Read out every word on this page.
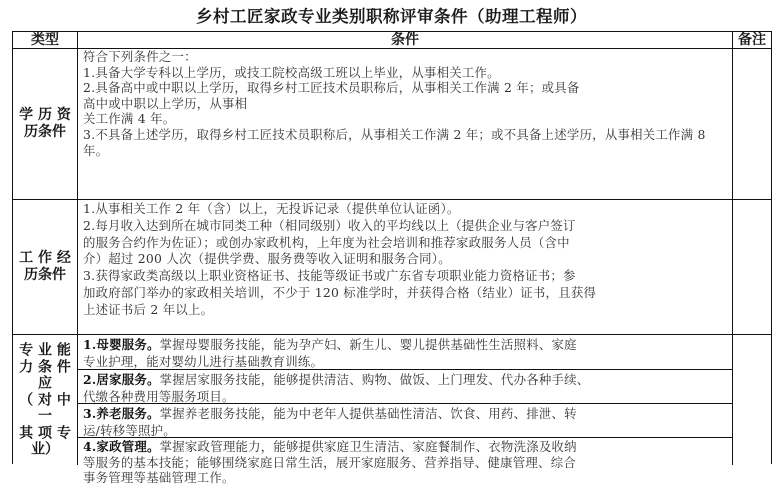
乡村工匠家政专业类别职称评审条件（助理工程师）
类型	条件	备注
学 历 资
历条件
符合下列条件之一：
1.具备大学专科以上学历，或技工院校高级工班以上毕业，从事相关工作。
2.具备高中或中职以上学历，取得乡村工匠技术员职称后，从事相关工作满 2 年；或具备
高中或中职以上学历，从事相
关工作满 4 年。
3.不具备上述学历，取得乡村工匠技术员职称后，从事相关工作满 2 年；或不具备上述学历，从事相关工作满 8 年。
工 作 经
历条件
1.从事相关工作 2 年（含）以上，无投诉记录（提供单位认证函）。
2.每月收入达到所在城市同类工种（相同级别）收入的平均线以上（提供企业与客户签订
的服务合约作为佐证）；或创办家政机构，上年度为社会培训和推荐家政服务人员（含中
介）超过 200 人次（提供学费、服务费等收入证明和服务合同）。
3.获得家政类高级以上职业资格证书、技能等级证书或广东省专项职业能力资格证书；参
加政府部门举办的家政相关培训，不少于 120 标准学时，并获得合格（结业）证书，且获得
上述证书后 2 年以上。
专 业 能
力 条 件 应
（ 对 中 一
其 项 专
业）
1.母婴服务。掌握母婴服务技能，能为孕产妇、新生儿、婴儿提供基础性生活照料、家庭
专业护理，能对婴幼儿进行基础教育训练。
2.居家服务。掌握居家服务技能，能够提供清洁、购物、做饭、上门理发、代办各种手续、
代缴各种费用等服务项目。
3.养老服务。掌握养老服务技能，能为中老年人提供基础性清洁、饮食、用药、排泄、转
运/转移等照护。
4.家政管理。掌握家政管理能力，能够提供家庭卫生清洁、家庭餐制作、衣物洗涤及收纳
等服务的基本技能；能够围绕家庭日常生活，展开家庭服务、营养指导、健康管理、综合
事务管理等基础管理工作。
